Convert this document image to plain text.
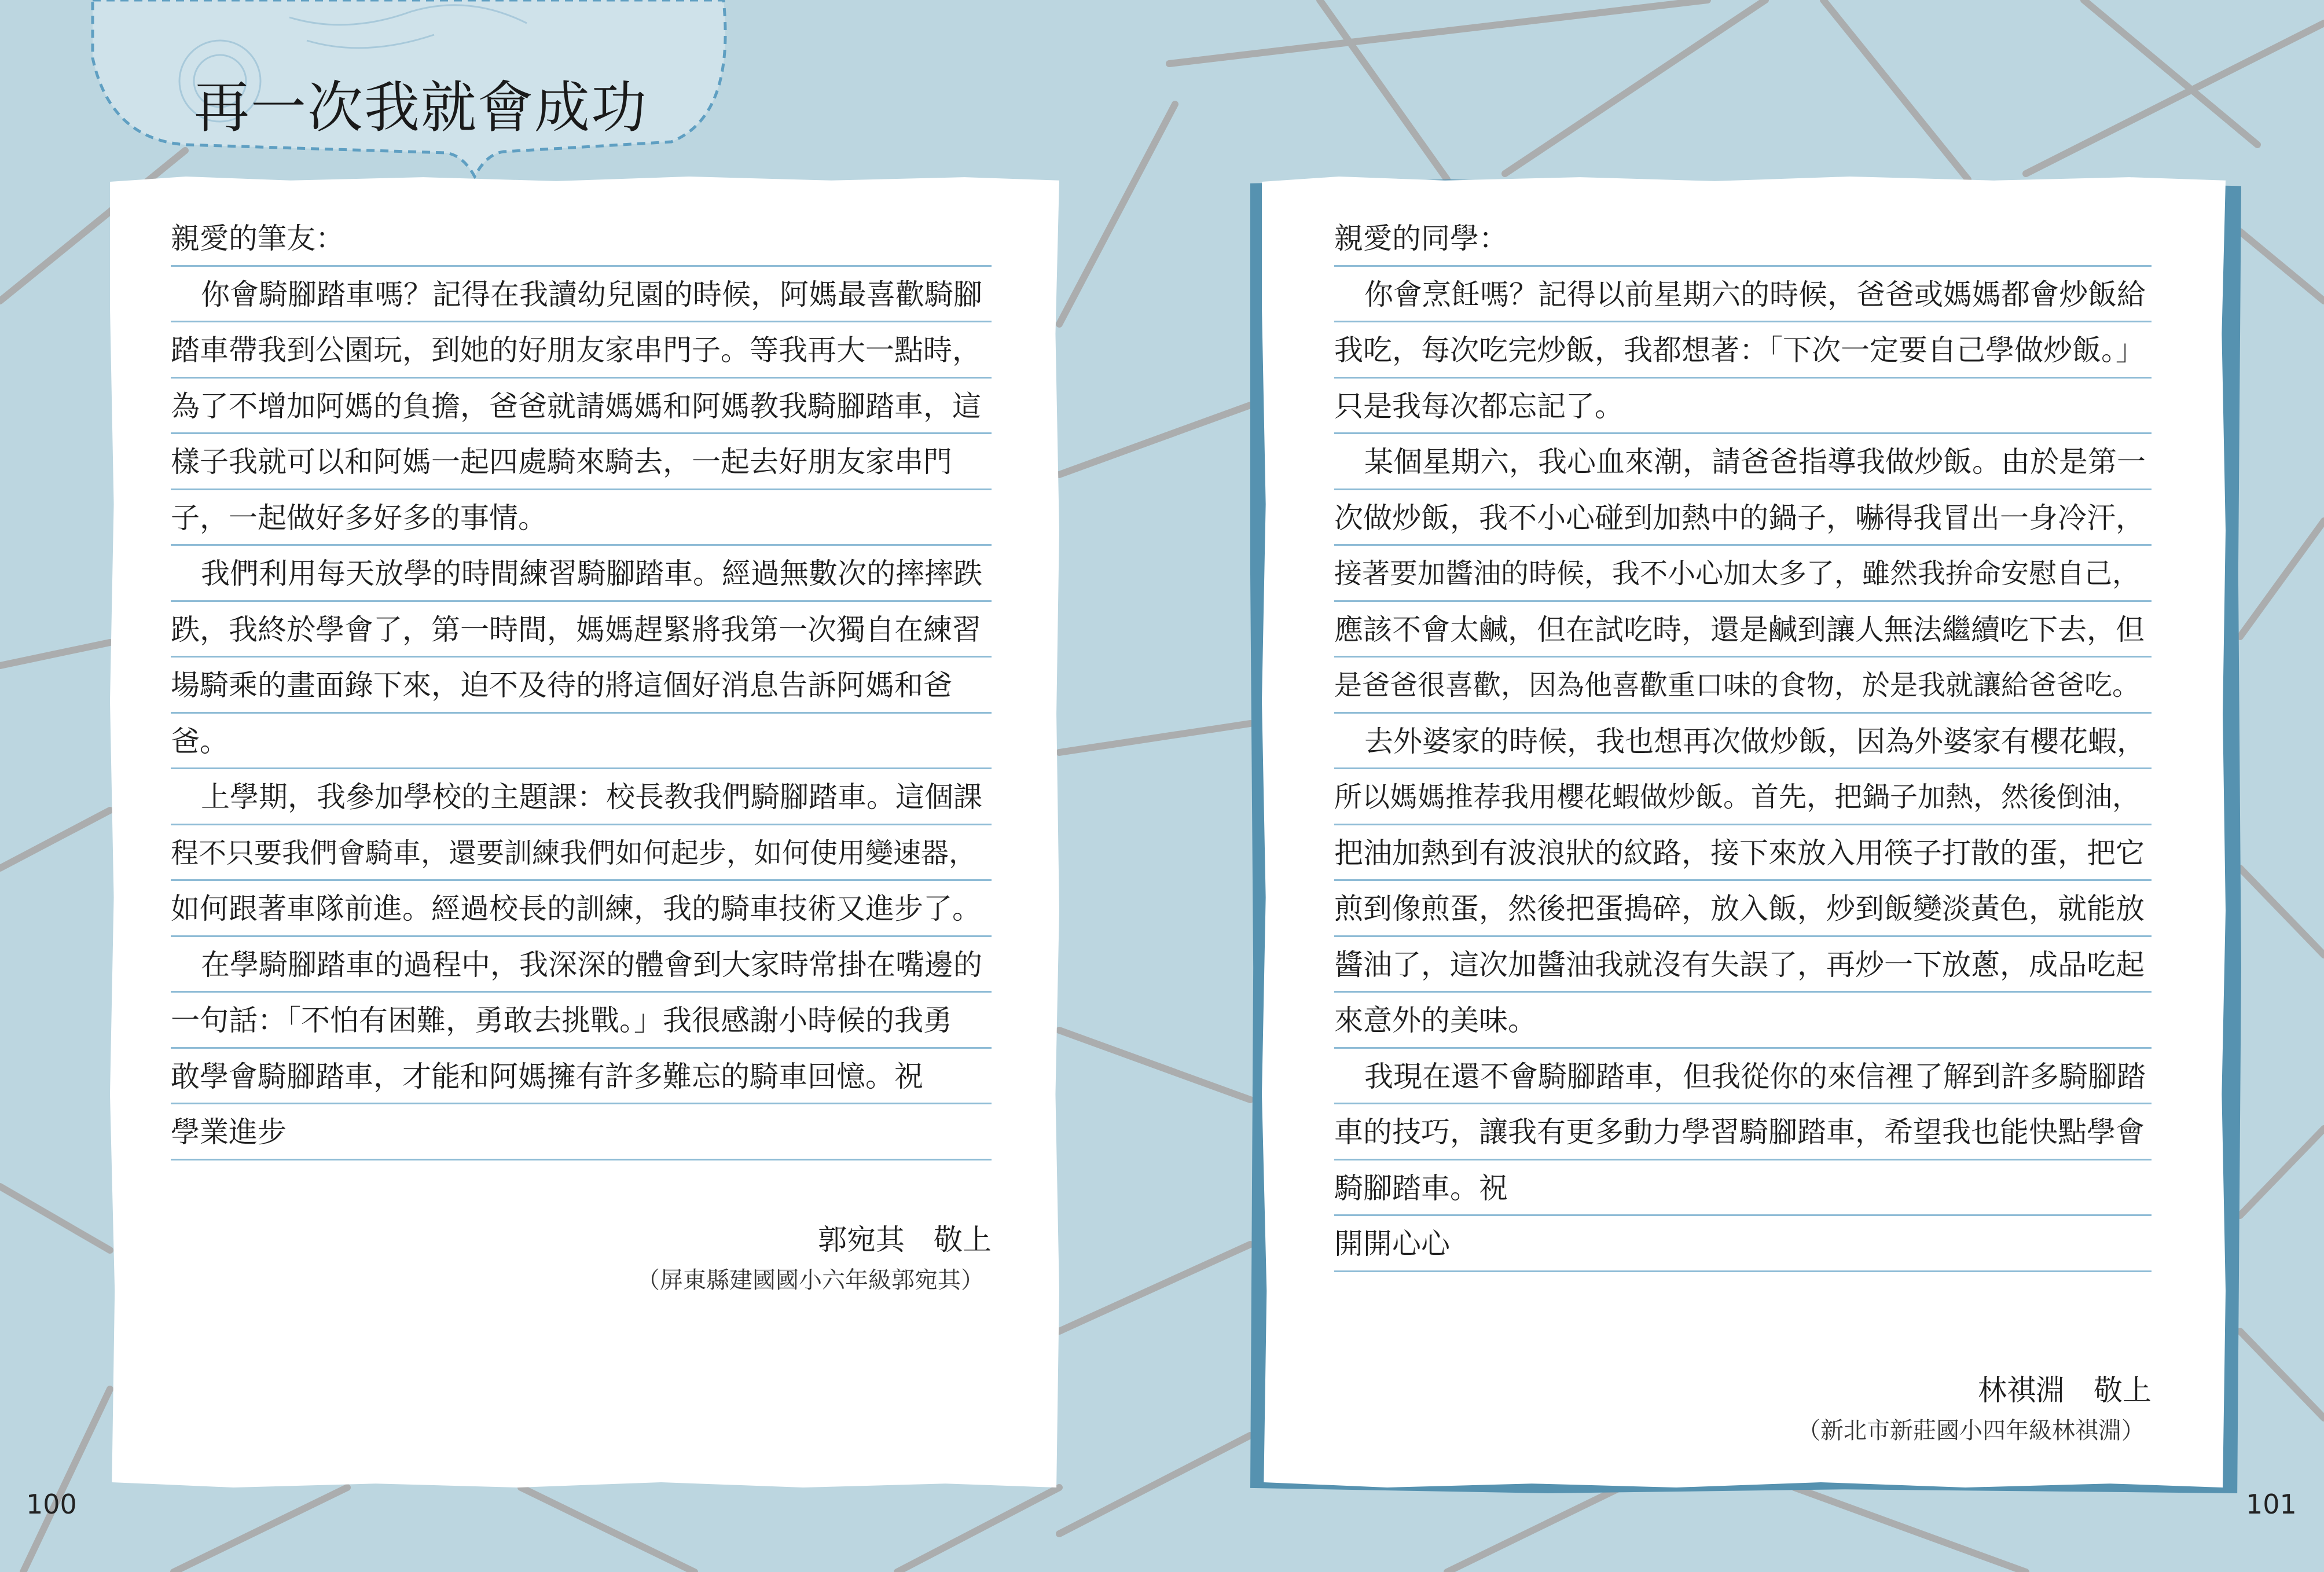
再一次我就會成功
親愛的筆友：
你會騎腳踏車嗎？記得在我讀幼兒園的時候，阿媽最喜歡騎腳
踏車帶我到公園玩，到她的好朋友家串門子。等我再大一點時，
為了不增加阿媽的負擔，爸爸就請媽媽和阿媽教我騎腳踏車，這
樣子我就可以和阿媽一起四處騎來騎去，一起去好朋友家串門
子，一起做好多好多的事情。
我們利用每天放學的時間練習騎腳踏車。經過無數次的摔摔跌
跌，我終於學會了，第一時間，媽媽趕緊將我第一次獨自在練習
場騎乘的畫面錄下來，迫不及待的將這個好消息告訴阿媽和爸
爸。
上學期，我參加學校的主題課：校長教我們騎腳踏車。這個課
程不只要我們會騎車，還要訓練我們如何起步，如何使用變速器，
如何跟著車隊前進。經過校長的訓練，我的騎車技術又進步了。
在學騎腳踏車的過程中，我深深的體會到大家時常掛在嘴邊的
一句話：「不怕有困難，勇敢去挑戰。」我很感謝小時候的我勇
敢學會騎腳踏車，才能和阿媽擁有許多難忘的騎車回憶。祝
學業進步
郭宛其　敬上
（屏東縣建國國小六年級郭宛其）
親愛的同學：
你會烹飪嗎？記得以前星期六的時候，爸爸或媽媽都會炒飯給
我吃，每次吃完炒飯，我都想著：「下次一定要自己學做炒飯。」
只是我每次都忘記了。
某個星期六，我心血來潮，請爸爸指導我做炒飯。由於是第一
次做炒飯，我不小心碰到加熱中的鍋子，嚇得我冒出一身冷汗，
接著要加醬油的時候，我不小心加太多了，雖然我拚命安慰自己，
應該不會太鹹，但在試吃時，還是鹹到讓人無法繼續吃下去，但
是爸爸很喜歡，因為他喜歡重口味的食物，於是我就讓給爸爸吃。
去外婆家的時候，我也想再次做炒飯，因為外婆家有櫻花蝦，
所以媽媽推荐我用櫻花蝦做炒飯。首先，把鍋子加熱，然後倒油，
把油加熱到有波浪狀的紋路，接下來放入用筷子打散的蛋，把它
煎到像煎蛋，然後把蛋搗碎，放入飯，炒到飯變淡黃色，就能放
醬油了，這次加醬油我就沒有失誤了，再炒一下放蔥，成品吃起
來意外的美味。
我現在還不會騎腳踏車，但我從你的來信裡了解到許多騎腳踏
車的技巧，讓我有更多動力學習騎腳踏車，希望我也能快點學會
騎腳踏車。祝
開開心心
林祺淵　敬上
（新北市新莊國小四年級林祺淵）
100	101
